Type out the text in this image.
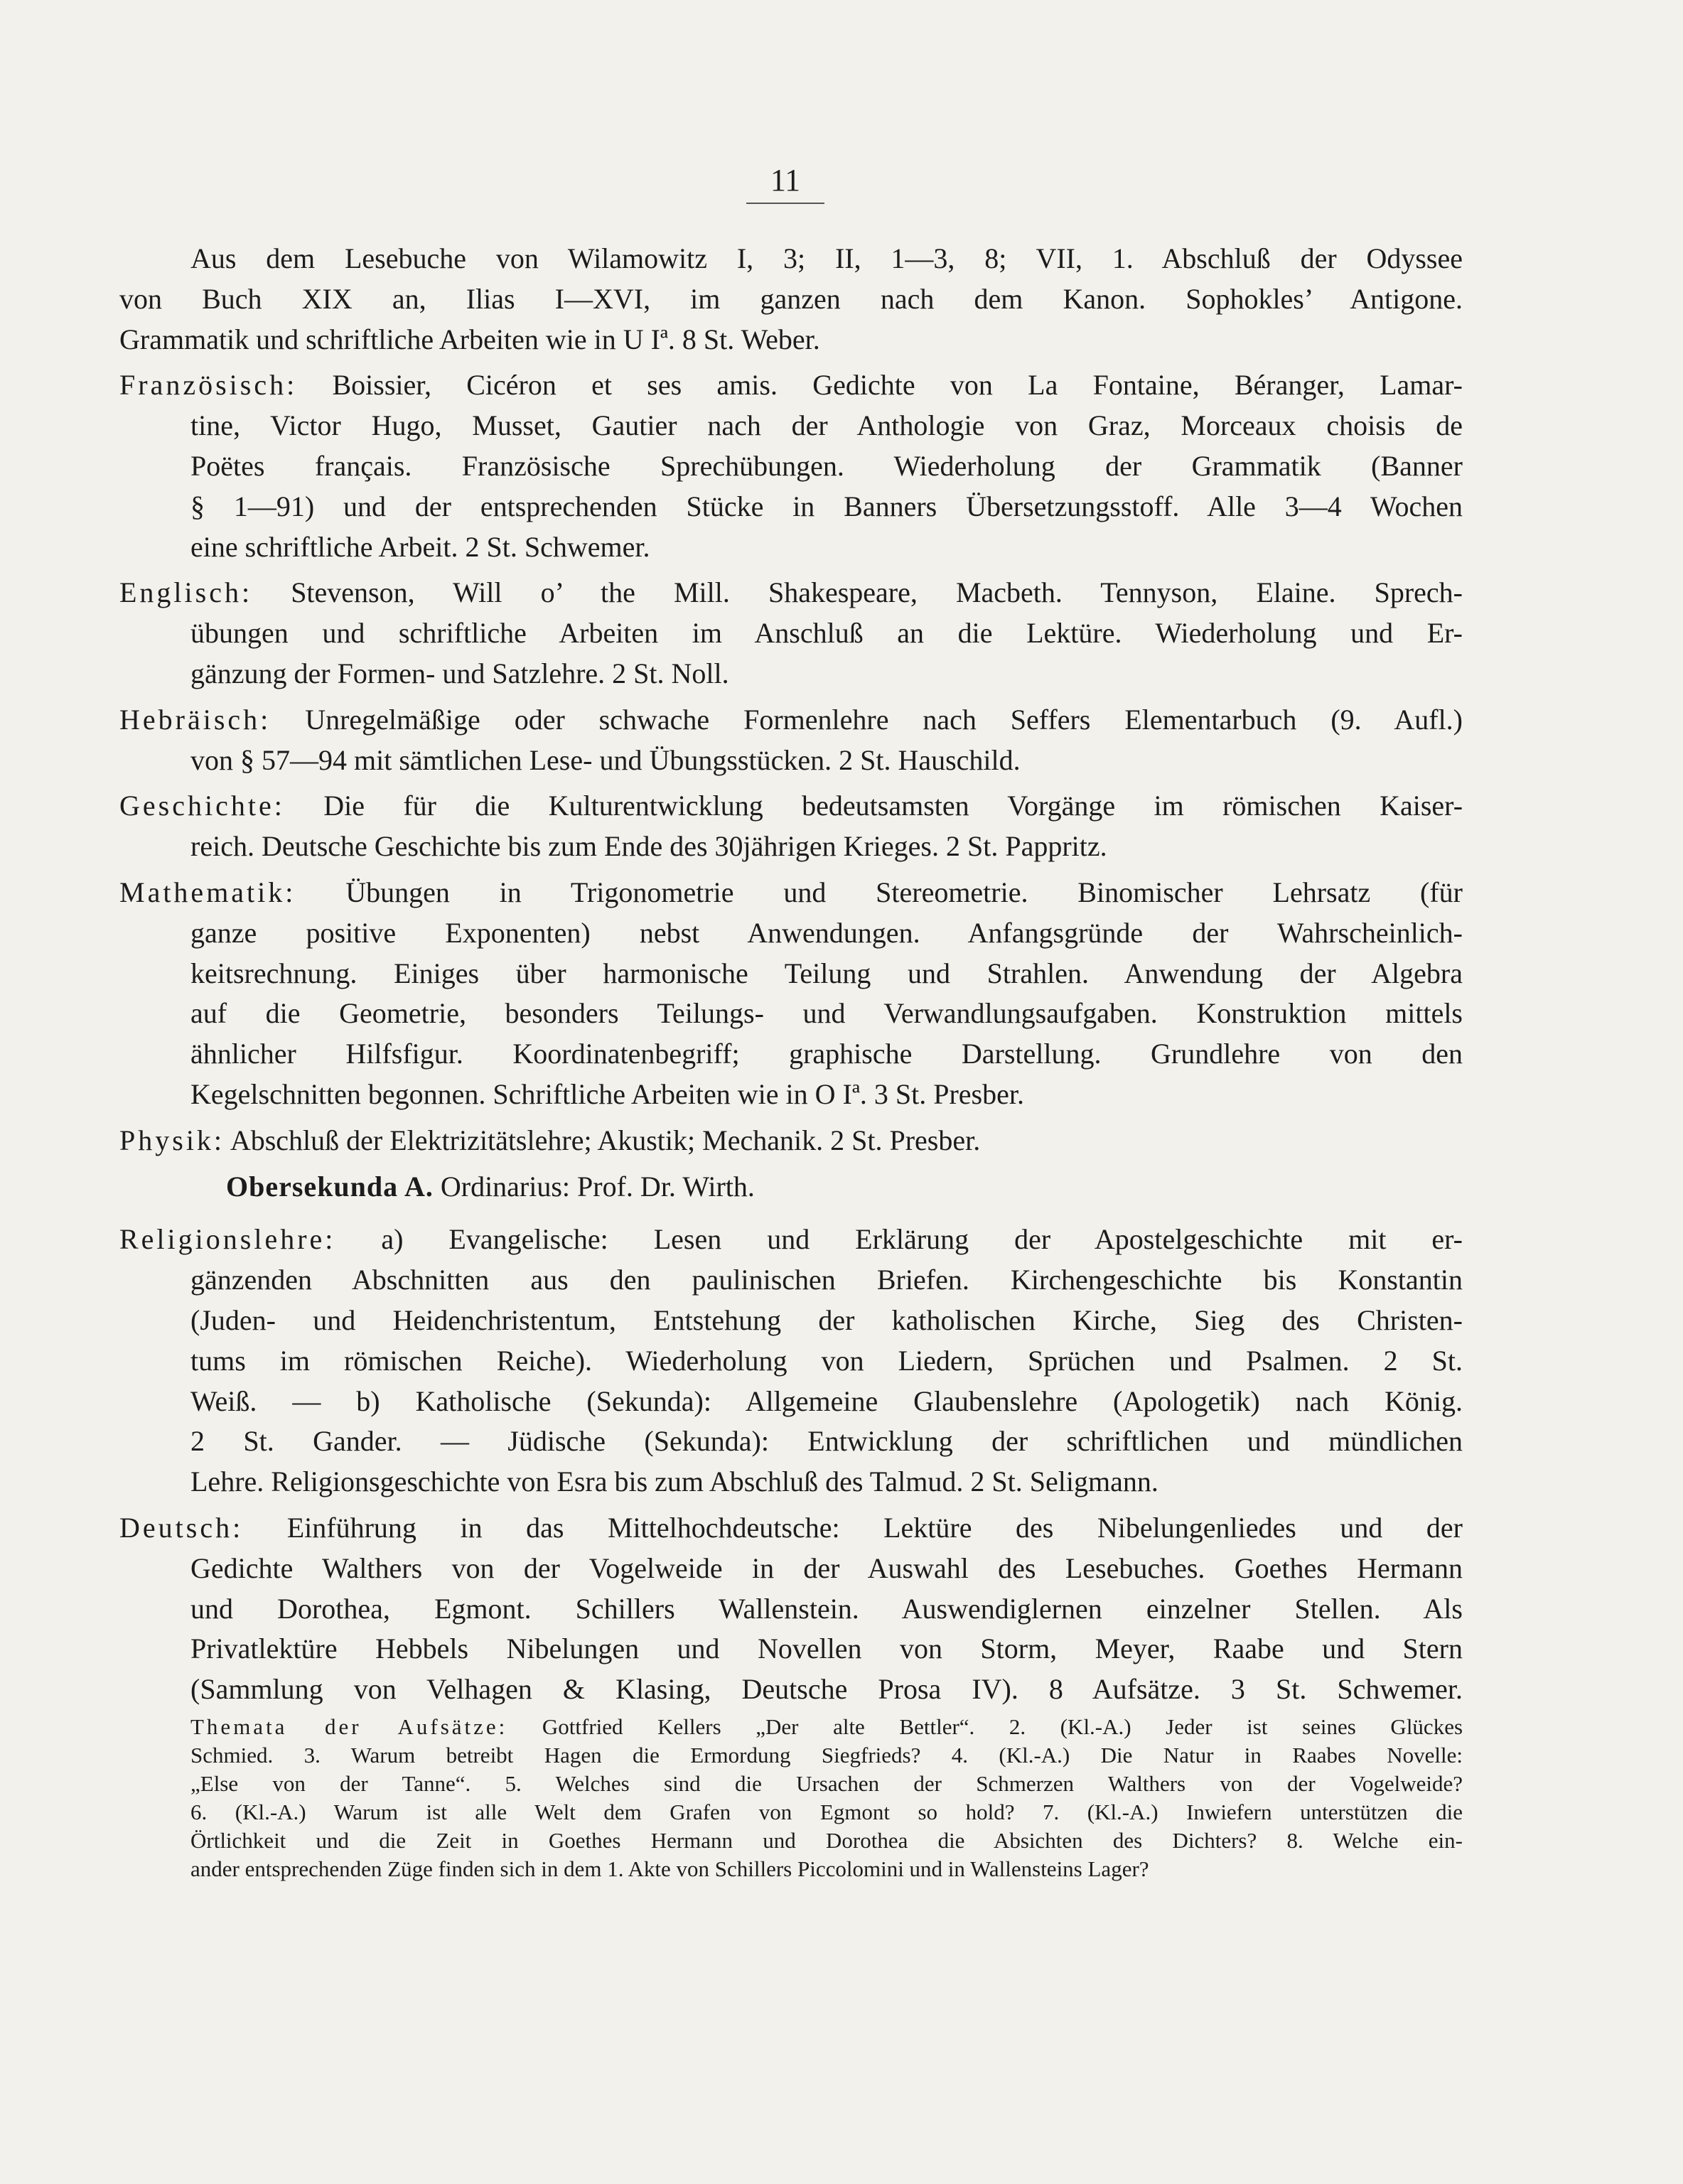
11
Aus dem Lesebuche von Wilamowitz I, 3; II, 1—3, 8; VII, 1. Abschluß der Odyssee
von Buch XIX an, Ilias I—XVI, im ganzen nach dem Kanon. Sophokles’ Antigone.
Grammatik und schriftliche Arbeiten wie in U Iª. 8 St. Weber.
Französisch: Boissier, Cicéron et ses amis. Gedichte von La Fontaine, Béranger, Lamar-
tine, Victor Hugo, Musset, Gautier nach der Anthologie von Graz, Morceaux choisis de
Poëtes français. Französische Sprechübungen. Wiederholung der Grammatik (Banner
§ 1—91) und der entsprechenden Stücke in Banners Übersetzungsstoff. Alle 3—4 Wochen
eine schriftliche Arbeit. 2 St. Schwemer.
Englisch: Stevenson, Will o’ the Mill. Shakespeare, Macbeth. Tennyson, Elaine. Sprech-
übungen und schriftliche Arbeiten im Anschluß an die Lektüre. Wiederholung und Er-
gänzung der Formen- und Satzlehre. 2 St. Noll.
Hebräisch: Unregelmäßige oder schwache Formenlehre nach Seffers Elementarbuch (9. Aufl.)
von § 57—94 mit sämtlichen Lese- und Übungsstücken. 2 St. Hauschild.
Geschichte: Die für die Kulturentwicklung bedeutsamsten Vorgänge im römischen Kaiser-
reich. Deutsche Geschichte bis zum Ende des 30jährigen Krieges. 2 St. Pappritz.
Mathematik: Übungen in Trigonometrie und Stereometrie. Binomischer Lehrsatz (für
ganze positive Exponenten) nebst Anwendungen. Anfangsgründe der Wahrscheinlich-
keitsrechnung. Einiges über harmonische Teilung und Strahlen. Anwendung der Algebra
auf die Geometrie, besonders Teilungs- und Verwandlungsaufgaben. Konstruktion mittels
ähnlicher Hilfsfigur. Koordinatenbegriff; graphische Darstellung. Grundlehre von den
Kegelschnitten begonnen. Schriftliche Arbeiten wie in O Iª. 3 St. Presber.
Physik: Abschluß der Elektrizitätslehre; Akustik; Mechanik. 2 St. Presber.
Obersekunda A. Ordinarius: Prof. Dr. Wirth.
Religionslehre: a) Evangelische: Lesen und Erklärung der Apostelgeschichte mit er-
gänzenden Abschnitten aus den paulinischen Briefen. Kirchengeschichte bis Konstantin
(Juden- und Heidenchristentum, Entstehung der katholischen Kirche, Sieg des Christen-
tums im römischen Reiche). Wiederholung von Liedern, Sprüchen und Psalmen. 2 St.
Weiß. — b) Katholische (Sekunda): Allgemeine Glaubenslehre (Apologetik) nach König.
2 St. Gander. — Jüdische (Sekunda): Entwicklung der schriftlichen und mündlichen
Lehre. Religionsgeschichte von Esra bis zum Abschluß des Talmud. 2 St. Seligmann.
Deutsch: Einführung in das Mittelhochdeutsche: Lektüre des Nibelungenliedes und der
Gedichte Walthers von der Vogelweide in der Auswahl des Lesebuches. Goethes Hermann
und Dorothea, Egmont. Schillers Wallenstein. Auswendiglernen einzelner Stellen. Als
Privatlektüre Hebbels Nibelungen und Novellen von Storm, Meyer, Raabe und Stern
(Sammlung von Velhagen & Klasing, Deutsche Prosa IV). 8 Aufsätze. 3 St. Schwemer.
Themata der Aufsätze: Gottfried Kellers „Der alte Bettler“. 2. (Kl.-A.) Jeder ist seines Glückes
Schmied. 3. Warum betreibt Hagen die Ermordung Siegfrieds? 4. (Kl.-A.) Die Natur in Raabes Novelle:
„Else von der Tanne“. 5. Welches sind die Ursachen der Schmerzen Walthers von der Vogelweide?
6. (Kl.-A.) Warum ist alle Welt dem Grafen von Egmont so hold? 7. (Kl.-A.) Inwiefern unterstützen die
Örtlichkeit und die Zeit in Goethes Hermann und Dorothea die Absichten des Dichters? 8. Welche ein-
ander entsprechenden Züge finden sich in dem 1. Akte von Schillers Piccolomini und in Wallensteins Lager?
